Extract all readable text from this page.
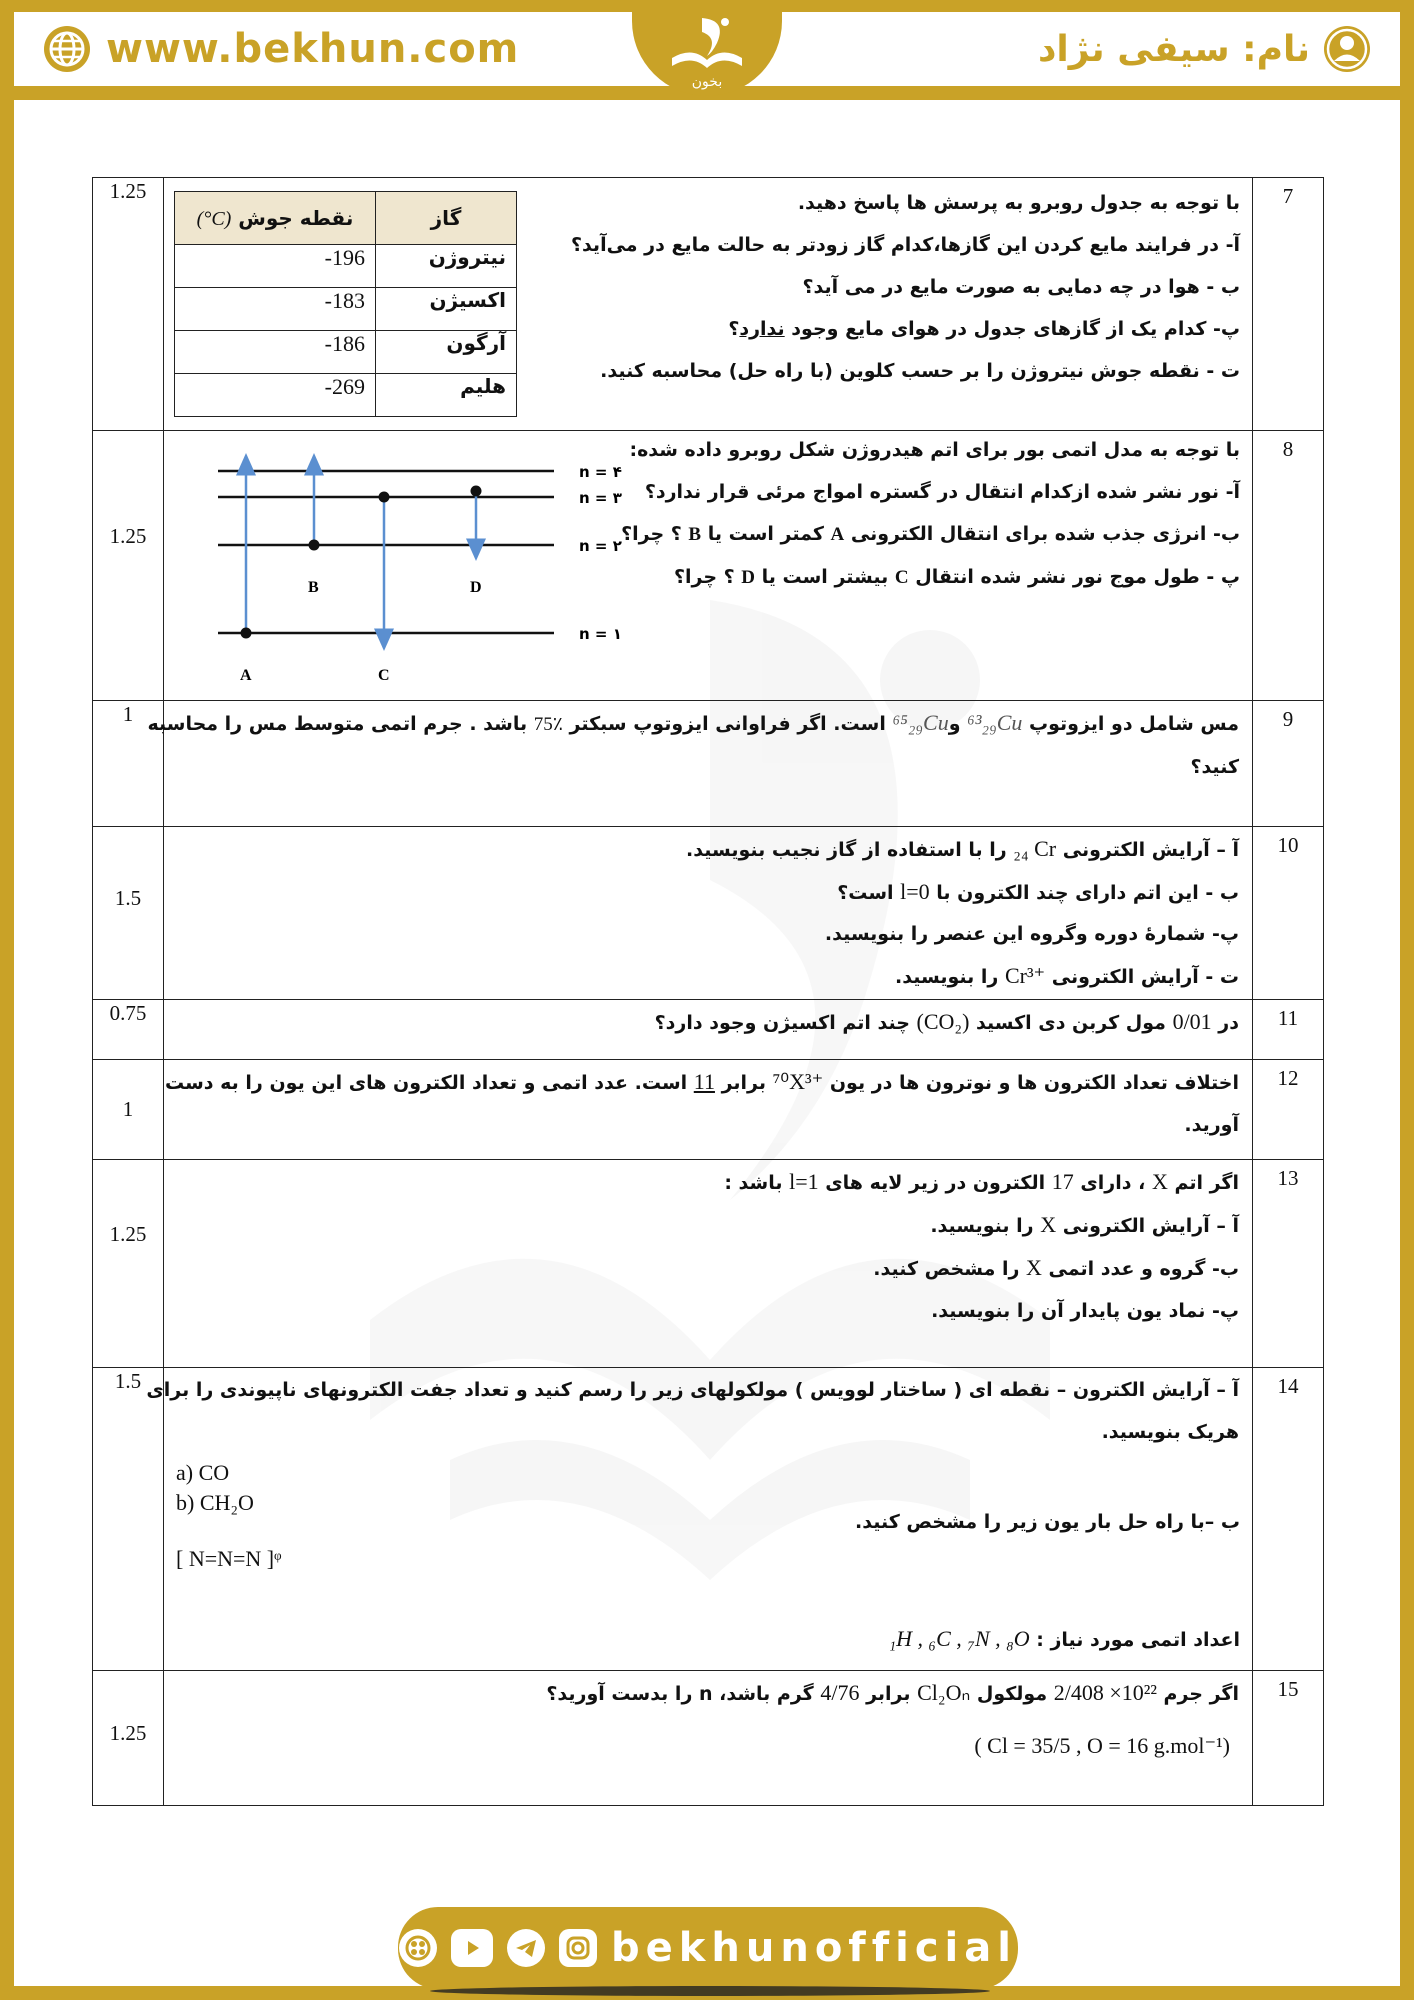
www.bekhun.com	نام: سیفی نژاد
بخون
1.25

گاز	نقطه جوش (°C)
نیتروژن	-196
اکسیژن	-183
آرگون	-186
هلیم	-269
با توجه به جدول روبرو به پرسش ها پاسخ دهید.
آ- در فرایند مایع کردن این گازها،کدام گاز زودتر به حالت مایع در می‌آید؟
ب - هوا در چه دمایی به صورت مایع در می آید؟
پ- کدام یک از گازهای جدول در هوای مایع وجود ندارد؟
ت - نقطه جوش نیتروژن را بر حسب کلوین (با راه حل) محاسبه کنید.
	7

1.25

n = ۴
n = ۳
n = ۲
n = ۱
A
B
C
D
با توجه به مدل اتمی بور برای اتم هیدروژن شکل روبرو داده شده:
آ- نور نشر شده ازکدام انتقال در گستره امواج مرئی قرار ندارد؟
ب- انرژی جذب شده برای انتقال الکترونی A کمتر است یا B ؟ چرا؟
پ - طول موج نور نشر شده انتقال C بیشتر است یا D ؟ چرا؟
	8

1	مس شامل دو ایزوتوپ ⁶³₂₉Cu و⁶⁵₂₉Cu است. اگر فراوانی ایزوتوپ سبکتر 75٪ باشد . جرم اتمی متوسط مس را محاسبه
کنید؟
	9

1.5

آ – آرایش الکترونی ₂₄ Cr را با استفاده از گاز نجیب بنویسید.
ب - این اتم دارای چند الکترون با l=0 است؟
پ- شمارهٔ دوره وگروه این عنصر را بنویسید.
ت - آرایش الکترونی Cr³⁺ را بنویسید.
	10

0.75	در 0/01 مول کربن دی اکسید (CO₂) چند اتم اکسیژن وجود دارد؟	11

1

اختلاف تعداد الکترون ها و نوترون ها در یون ⁷⁰X³⁺ برابر 11 است. عدد اتمی و تعداد الکترون های این یون را به دست
آورید.
	12

1.25

اگر اتم X ، دارای 17 الکترون در زیر لایه های l=1 باشد :
آ – آرایش الکترونی X را بنویسید.
ب- گروه و عدد اتمی X را مشخص کنید.
پ- نماد یون پایدار آن را بنویسید.
	13

1.5	آ – آرایش الکترون – نقطه ای ( ساختار لوویس ) مولکولهای زیر را رسم کنید و تعداد جفت الکترونهای ناپیوندی را برای
هریک بنویسید.
a) CO
b) CH₂O
ب –با راه حل بار یون زیر را مشخص کنید.
[ N=N=N ]ᵠ
اعداد اتمی مورد نیاز : ₁H , ₆C , ₇N , ₈O
	14

1.25

اگر جرم 2/408 ×10²² مولکول Cl₂Oₙ برابر 4/76 گرم باشد، n را بدست آورید؟
( Cl = 35/5 , O = 16 g.mol⁻¹)
	15
bekhunofficial
